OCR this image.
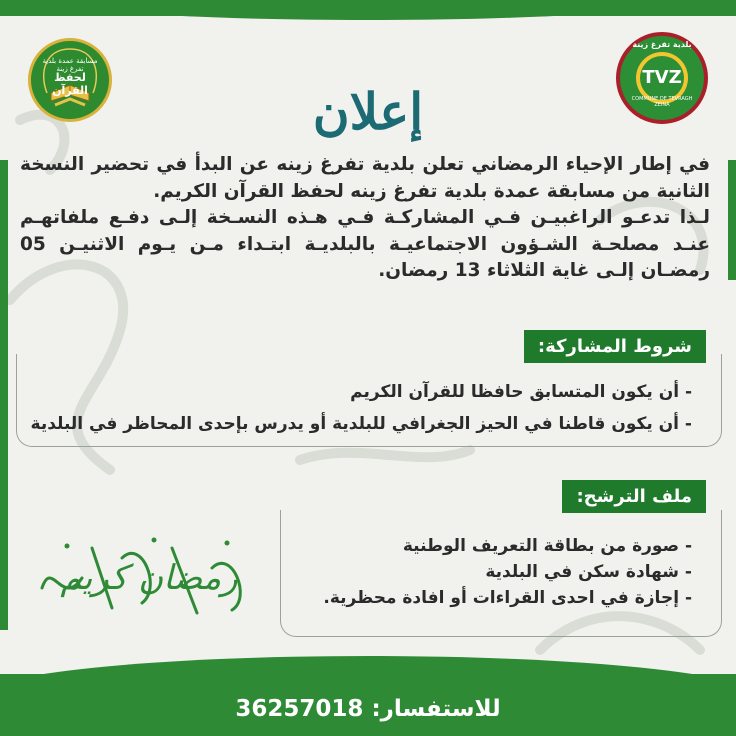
مسابقة عمدة بلدية تفرغ زينة
لحفظ القرآن
بلدية تفرغ زينة
TVZ
COMMUNE DE TEVRAGH ZEINA
إعلان

في إطار الإحياء الرمضاني تعلن بلدية تفرغ زينه عن البدأ في تحضير النسخة الثانية من مسابقة عمدة بلدية تفرغ زينه لحفظ القرآن الكريم.

لـذا تدعـو الراغبيـن فـي المشاركـة فـي هـذه النسـخة إلـى دفـع ملفاتهـم عنـد مصلحـة الشـؤون الاجتماعيـة بالبلديـة ابتـداء مـن يـوم الاثنيـن 05 رمضـان إلـى غاية الثلاثاء 13 رمضان.

شروط المشاركة:
- أن يكون المتسابق حافظا للقرآن الكريم
- أن يكون قاطنا في الحيز الجغرافي للبلدية أو يدرس بإحدى المحاظر في البلدية
ملف الترشح:
- صورة من بطاقة التعريف الوطنية
- شهادة سكن في البلدية
- إجازة في احدى القراءات أو افادة محظرية.
رمضان كريم
للاستفسار: 36257018
